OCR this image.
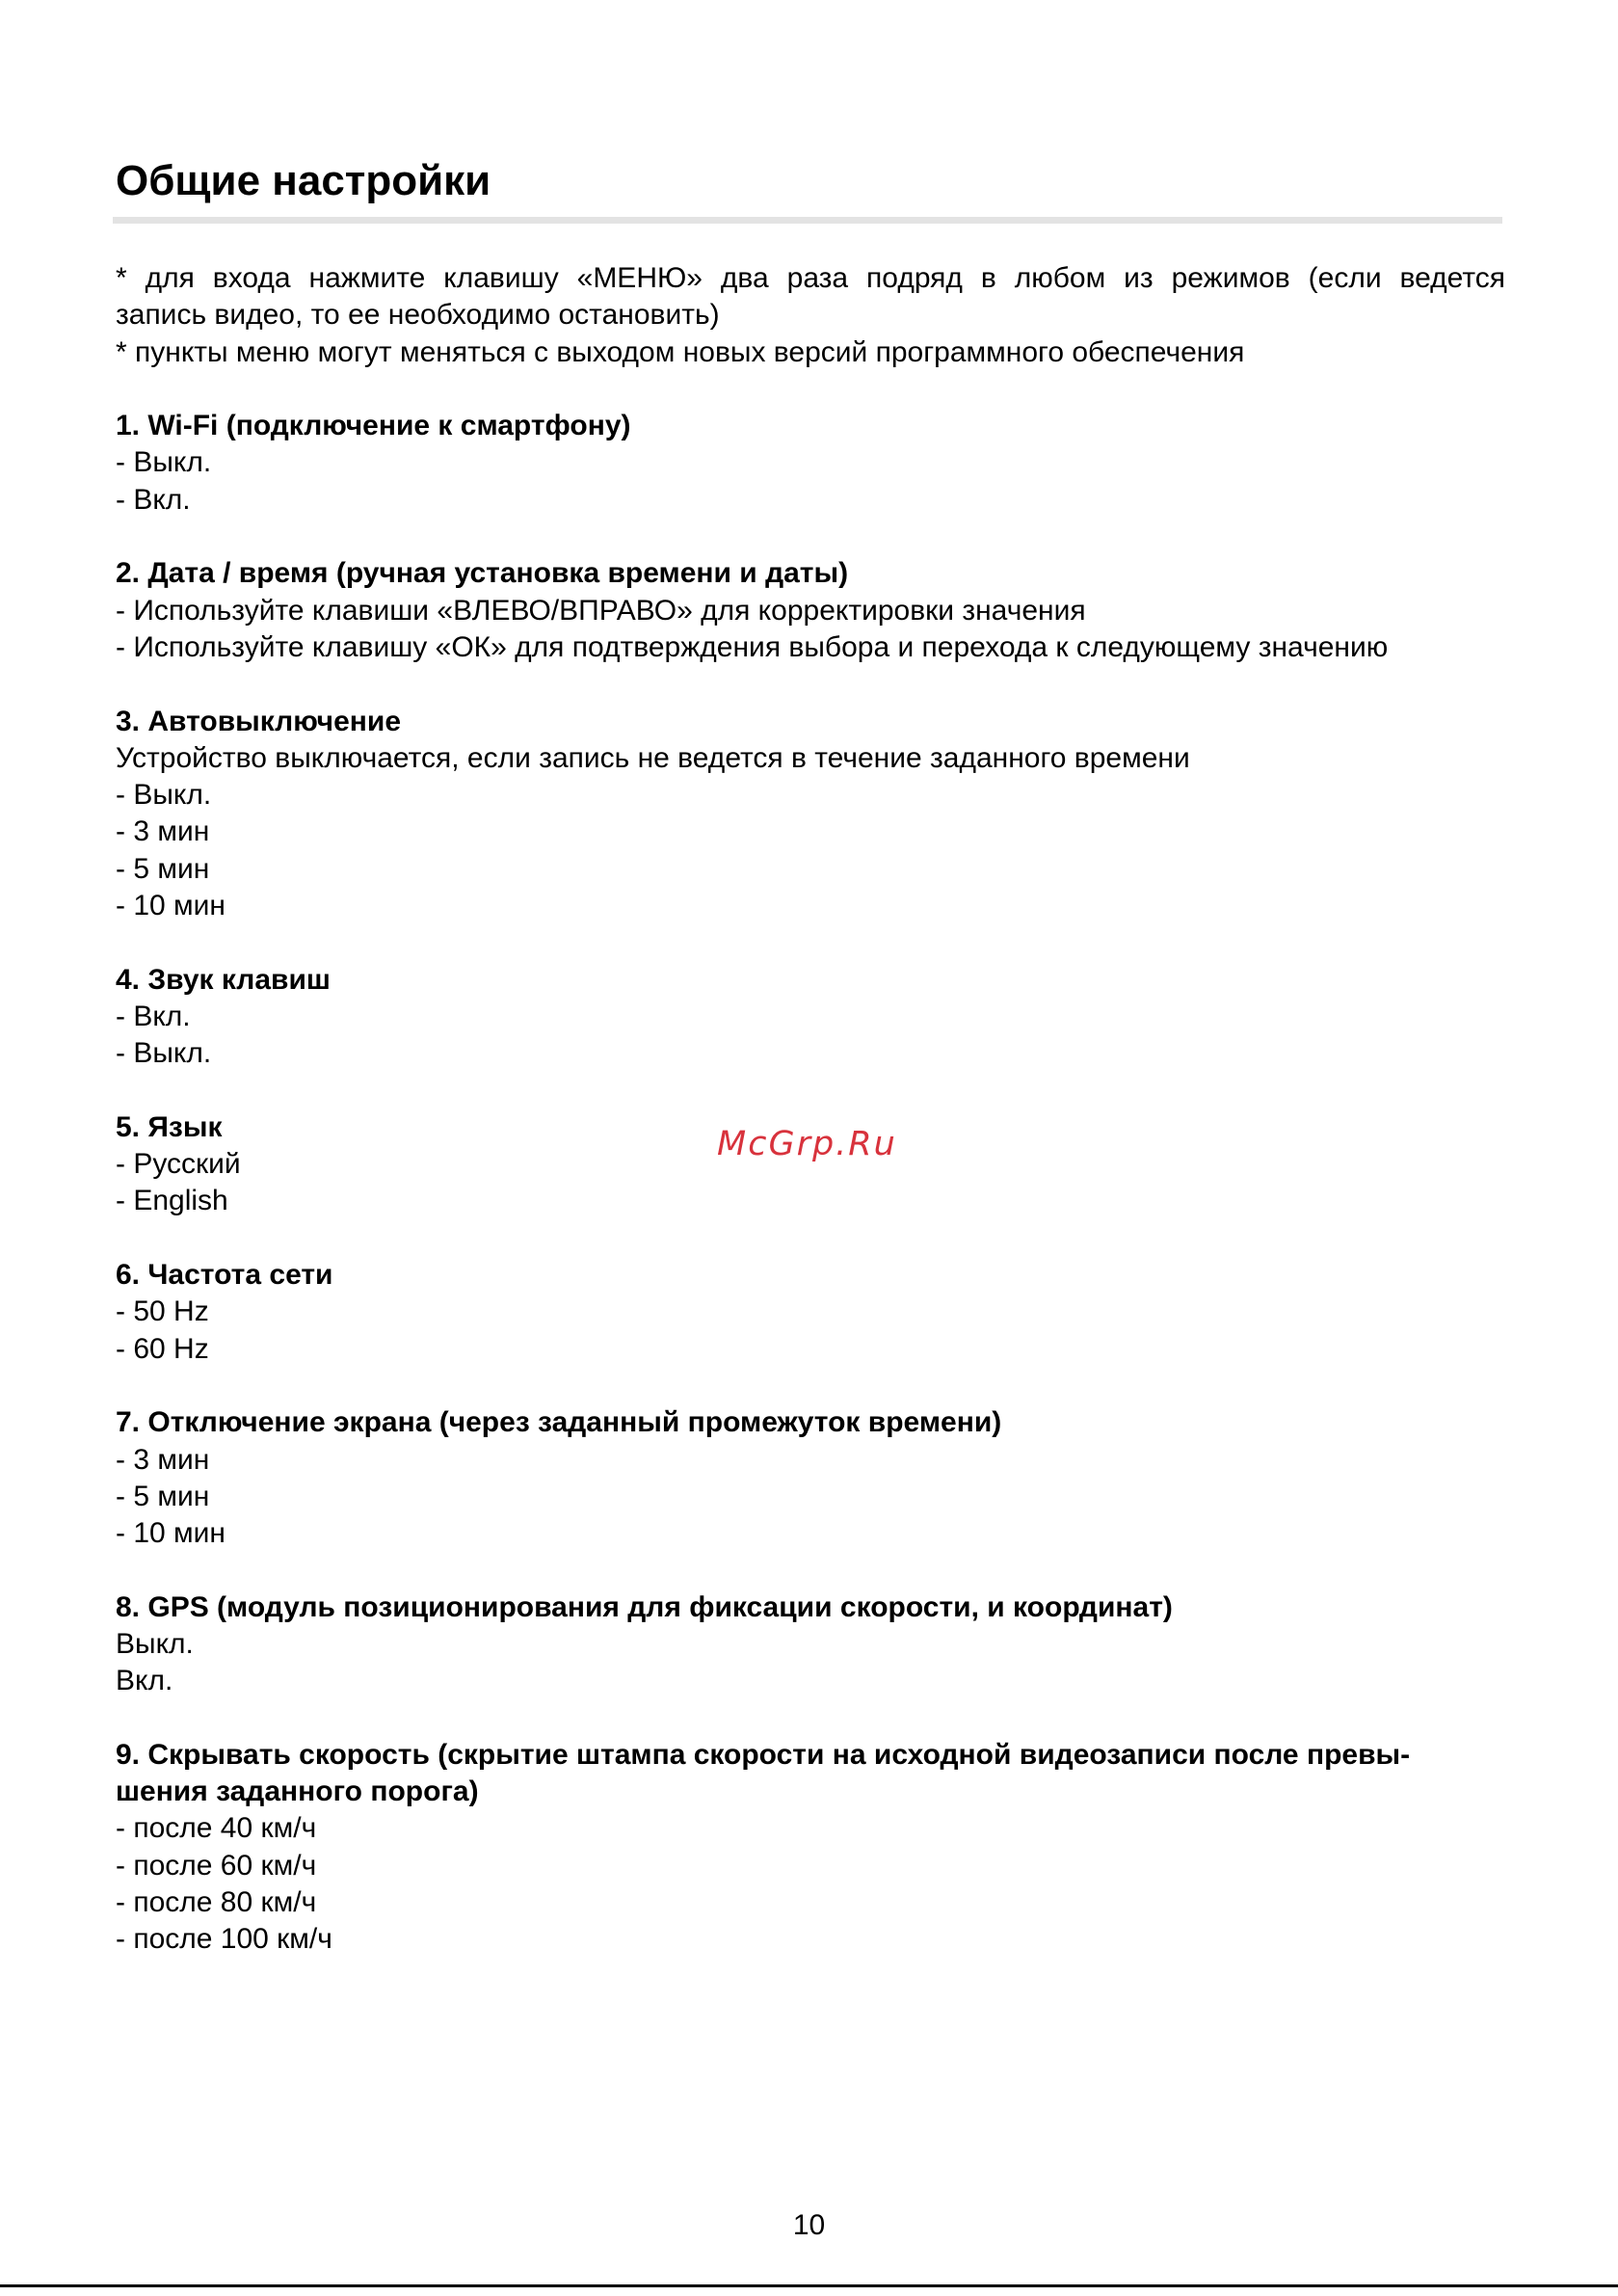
Общие настройки
* для входа нажмите клавишу «МЕНЮ» два раза подряд в любом из режимов (если ведется
запись видео, то ее необходимо остановить)
* пункты меню могут меняться с выходом новых версий программного обеспечения
1. Wi-Fi (подключение к смартфону)
- Выкл.
- Вкл.
2. Дата / время (ручная установка времени и даты)
- Используйте клавиши «ВЛЕВО/ВПРАВО» для корректировки значения
- Используйте клавишу «ОК» для подтверждения выбора и перехода к следующему значению
3. Автовыключение
Устройство выключается, если запись не ведется в течение заданного времени
- Выкл.
- 3 мин
- 5 мин
- 10 мин
4. Звук клавиш
- Вкл.
- Выкл.
5. Язык
- Русский
- English
6. Частота сети
- 50 Hz
- 60 Hz
7. Отключение экрана (через заданный промежуток времени)
- 3 мин
- 5 мин
- 10 мин
8. GPS (модуль позиционирования для фиксации скорости, и координат)
Выкл.
Вкл.
9. Скрывать скорость (скрытие штампа скорости на исходной видеозаписи после превы-
шения заданного порога)
- после 40 км/ч
- после 60 км/ч
- после 80 км/ч
- после 100 км/ч
McGrp.Ru
10
